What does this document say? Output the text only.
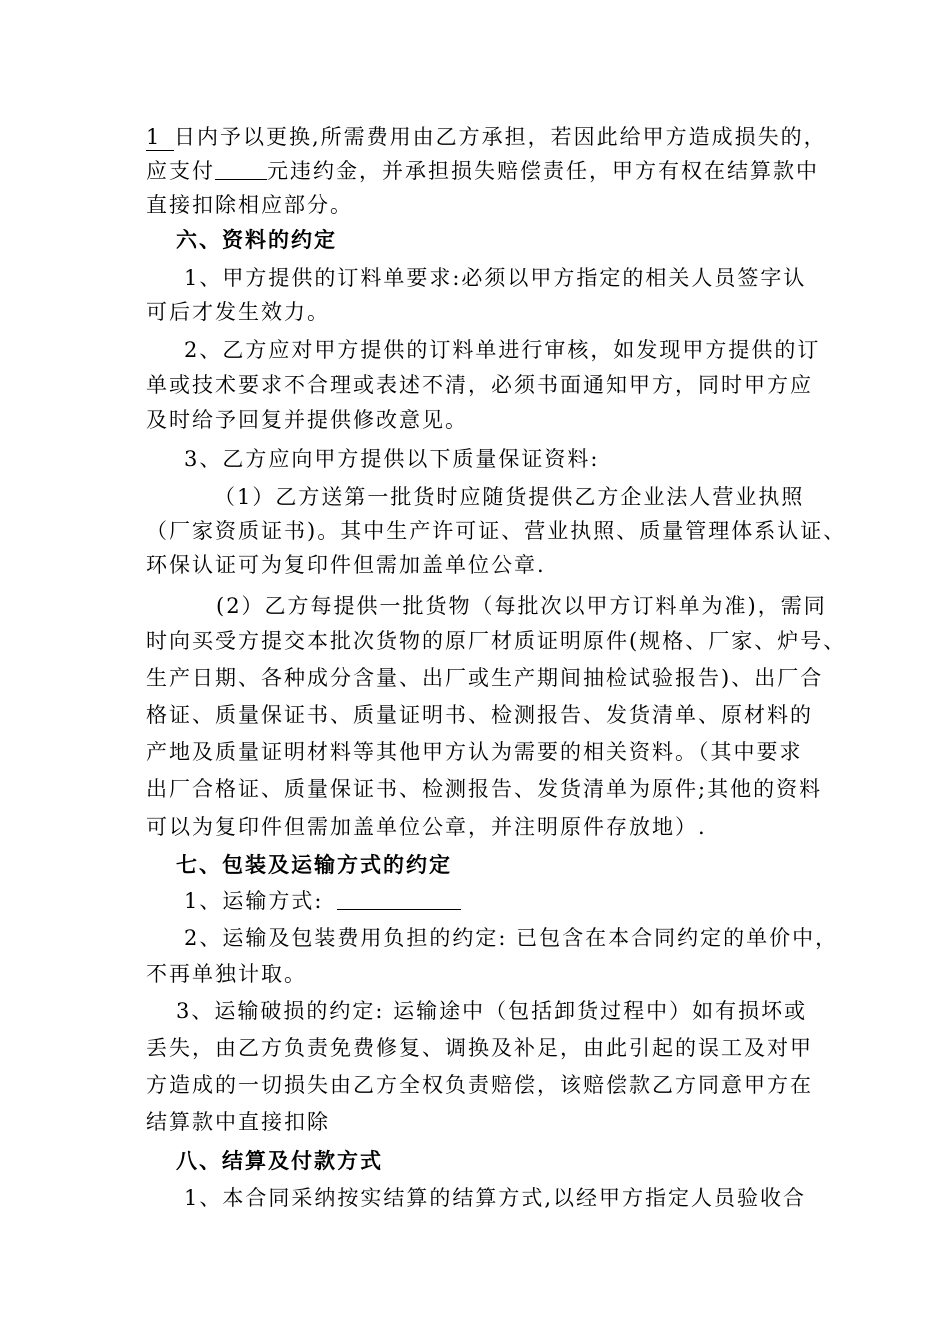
1 日内予以更换,所需费用由乙方承担，若因此给甲方造成损失的，

应支付 元违约金，并承担损失赔偿责任，甲方有权在结算款中

直接扣除相应部分。

六、资料的约定

1、甲方提供的订料单要求:必须以甲方指定的相关人员签字认

可后才发生效力。

2、乙方应对甲方提供的订料单进行审核，如发现甲方提供的订

单或技术要求不合理或表述不清，必须书面通知甲方，同时甲方应

及时给予回复并提供修改意见。

3、乙方应向甲方提供以下质量保证资料:

（1）乙方送第一批货时应随货提供乙方企业法人营业执照

（厂家资质证书)。其中生产许可证、营业执照、质量管理体系认证、

环保认证可为复印件但需加盖单位公章.

(2）乙方每提供一批货物（每批次以甲方订料单为准)，需同

时向买受方提交本批次货物的原厂材质证明原件(规格、厂家、炉号、

生产日期、各种成分含量、出厂或生产期间抽检试验报告)、出厂合

格证、质量保证书、质量证明书、检测报告、发货清单、原材料的

产地及质量证明材料等其他甲方认为需要的相关资料。（其中要求

出厂合格证、质量保证书、检测报告、发货清单为原件;其他的资料

可以为复印件但需加盖单位公章，并注明原件存放地）.

七、包装及运输方式的约定

1、运输方式:

2、运输及包装费用负担的约定: 已包含在本合同约定的单价中，

不再单独计取。

3、运输破损的约定: 运输途中（包括卸货过程中）如有损坏或

丢失，由乙方负责免费修复、调换及补足，由此引起的误工及对甲

方造成的一切损失由乙方全权负责赔偿，该赔偿款乙方同意甲方在

结算款中直接扣除

八、结算及付款方式

1、本合同采纳按实结算的结算方式,以经甲方指定人员验收合
